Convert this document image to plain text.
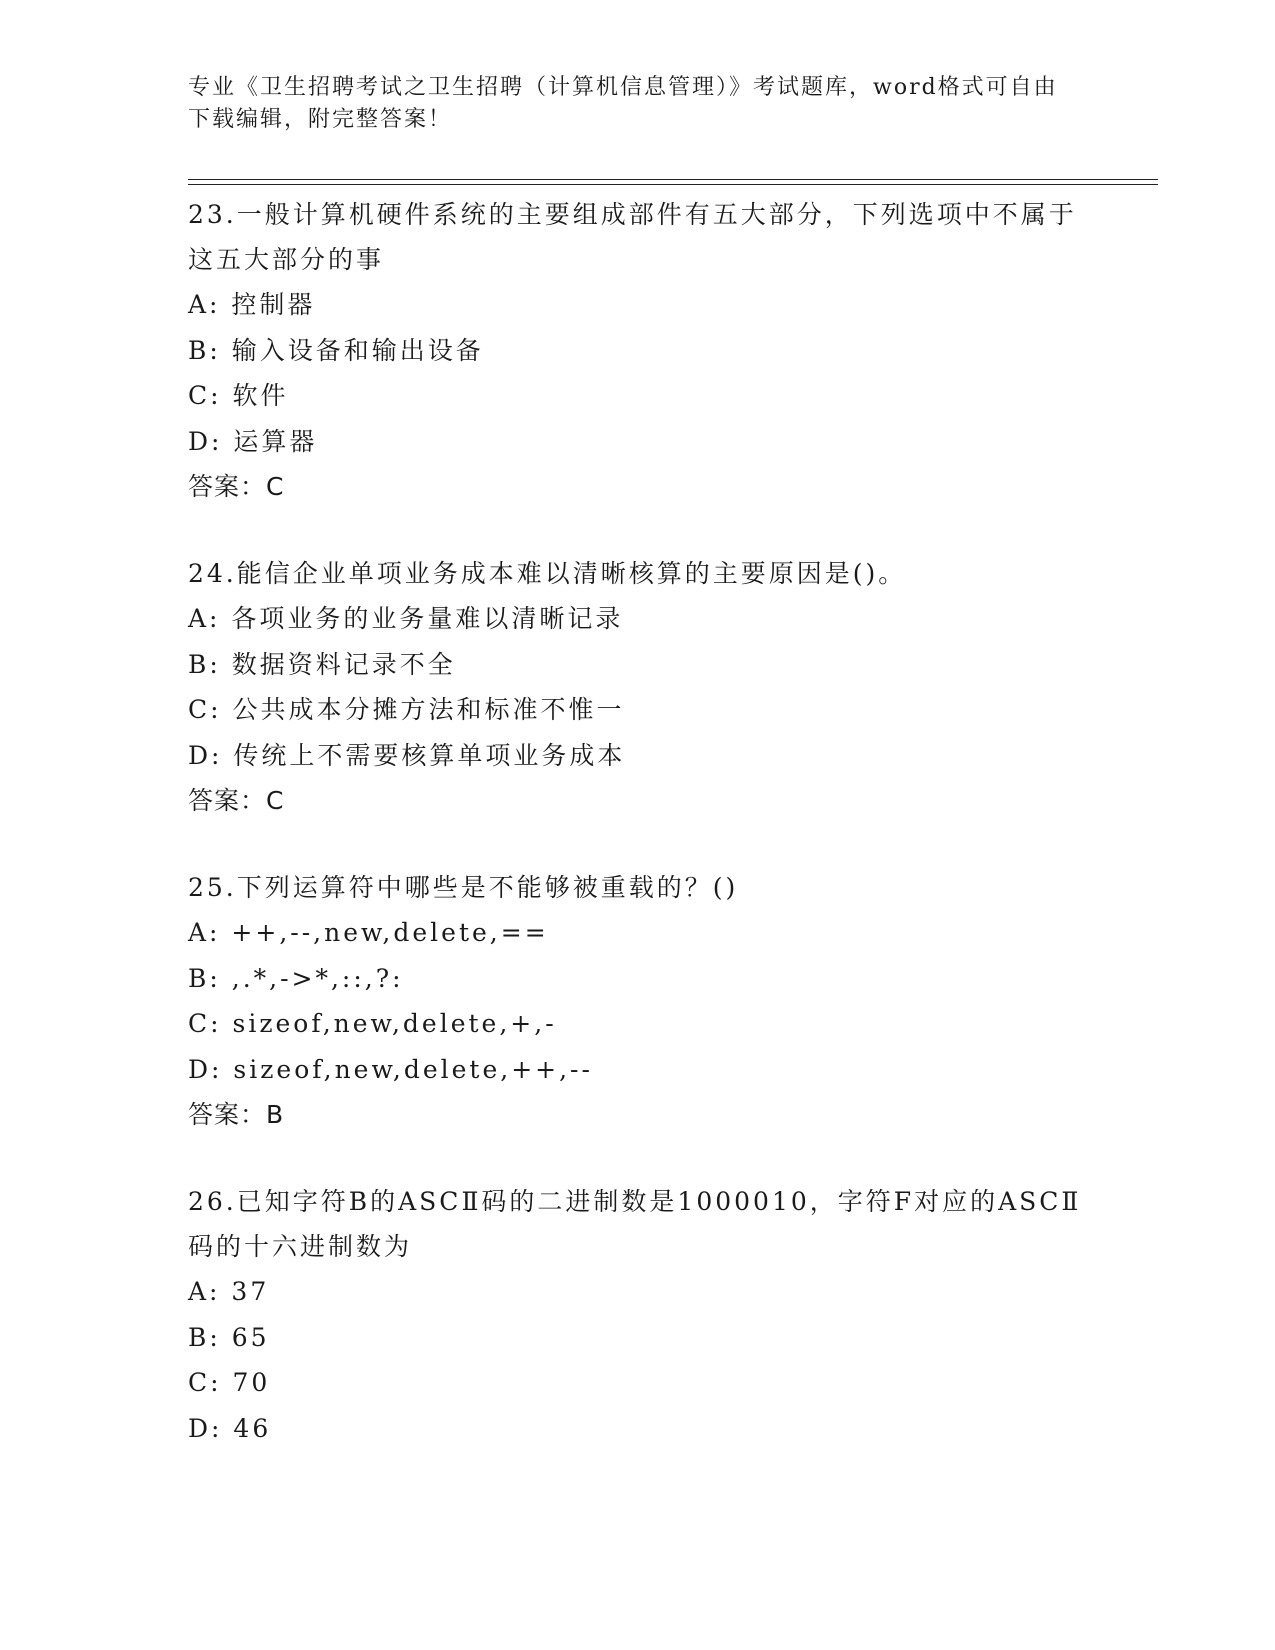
专业《卫生招聘考试之卫生招聘（计算机信息管理）》考试题库，word格式可自由下载编辑，附完整答案！

23.一般计算机硬件系统的主要组成部件有五大部分，下列选项中不属于这五大部分的事

A: 控制器
B: 输入设备和输出设备
C: 软件
D: 运算器
答案：C

24.能信企业单项业务成本难以清晰核算的主要原因是()。

A: 各项业务的业务量难以清晰记录
B: 数据资料记录不全
C: 公共成本分摊方法和标准不惟一
D: 传统上不需要核算单项业务成本
答案：C

25.下列运算符中哪些是不能够被重载的？()

A: ++,--,new,delete,==
B: ,.*,->*,::,?:
C: sizeof,new,delete,+,-
D: sizeof,new,delete,++,--
答案：B

26.已知字符B的ASCⅡ码的二进制数是1000010，字符F对应的ASCⅡ码的十六进制数为

A: 37
B: 65
C: 70
D: 46
